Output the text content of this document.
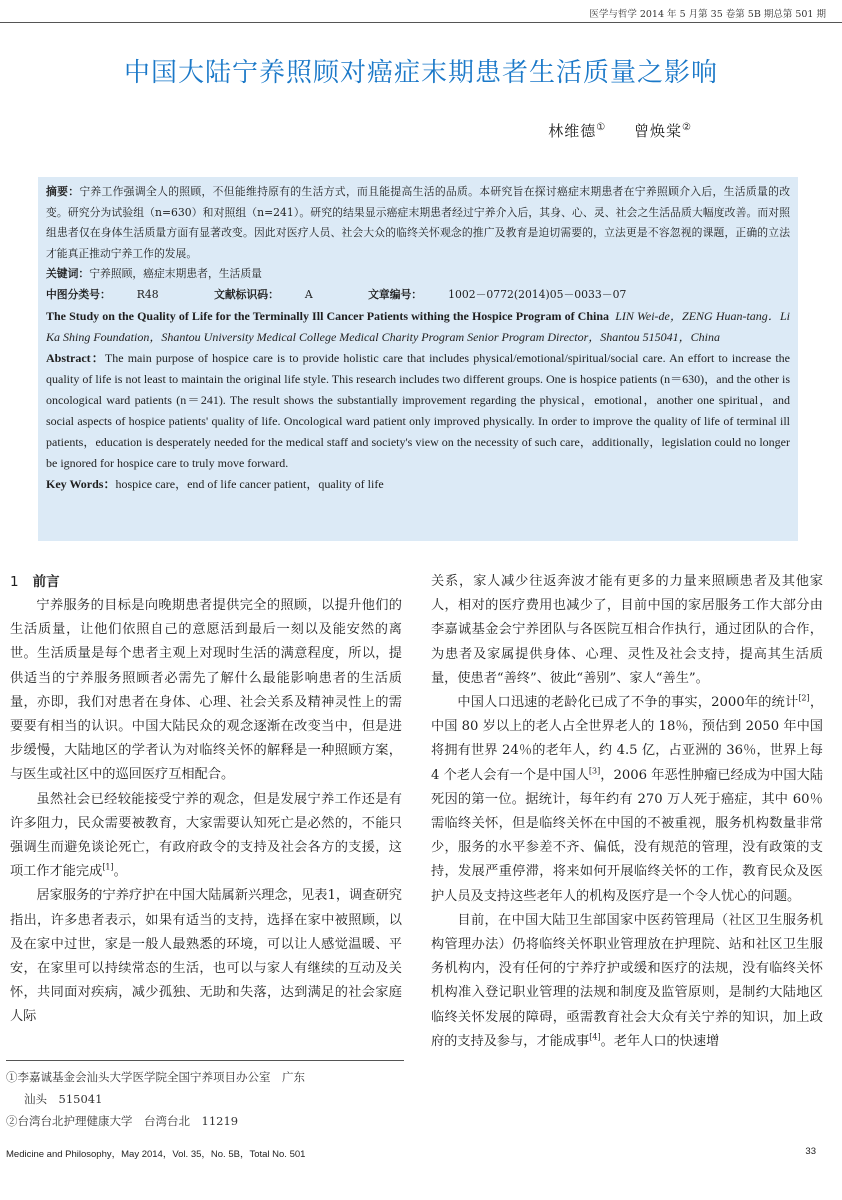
医学与哲学 2014 年 5 月第 35 卷第 5B 期总第 501 期
中国大陆宁养照顾对癌症末期患者生活质量之影响
林维德① 曾焕棠②

摘要：宁养工作强调全人的照顾，不但能维持原有的生活方式，而且能提高生活的品质。本研究旨在探讨癌症末期患者在宁养照顾介入后，生活质量的改变。研究分为试验组（n=630）和对照组（n=241）。研究的结果显示癌症末期患者经过宁养介入后，其身、心、灵、社会之生活品质大幅度改善。而对照组患者仅在身体生活质量方面有显著改变。因此对医疗人员、社会大众的临终关怀观念的推广及教育是迫切需要的，立法更是不容忽视的课题，正确的立法才能真正推动宁养工作的发展。

关键词：宁养照顾，癌症末期患者，生活质量

中图分类号： R48	文献标识码： A	文章编号： 1002－0772(2014)05－0033－07

The Study on the Quality of Life for the Terminally Ill Cancer Patients withing the Hospice Program of China LIN Wei-de，ZENG Huan-tang．Li Ka Shing Foundation，Shantou University Medical College Medical Charity Program Senior Program Director，Shantou 515041，China

Abstract：The main purpose of hospice care is to provide holistic care that includes physical/emotional/spiritual/social care. An effort to increase the quality of life is not least to maintain the original life style. This research includes two different groups. One is hospice patients (n＝630)，and the other is oncological ward patients (n＝241). The result shows the substantially improvement regarding the physical，emotional，another one spiritual，and social aspects of hospice patients' quality of life. Oncological ward patient only improved physically. In order to improve the quality of life of terminal ill patients，education is desperately needed for the medical staff and society's view on the necessity of such care，additionally，legislation could no longer be ignored for hospice care to truly move forward.

Key Words：hospice care，end of life cancer patient，quality of life

1 前言

宁养服务的目标是向晚期患者提供完全的照顾，以提升他们的生活质量，让他们依照自己的意愿活到最后一刻以及能安然的离世。生活质量是每个患者主观上对现时生活的满意程度，所以，提供适当的宁养服务照顾者必需先了解什么最能影响患者的生活质量，亦即，我们对患者在身体、心理、社会关系及精神灵性上的需要要有相当的认识。中国大陆民众的观念逐渐在改变当中，但是进步缓慢，大陆地区的学者认为对临终关怀的解释是一种照顾方案，与医生或社区中的巡回医疗互相配合。

虽然社会已经较能接受宁养的观念，但是发展宁养工作还是有许多阻力，民众需要被教育，大家需要认知死亡是必然的，不能只强调生而避免谈论死亡，有政府政令的支持及社会各方的支援，这项工作才能完成[1]。

居家服务的宁养疗护在中国大陆属新兴理念，见表1，调查研究指出，许多患者表示，如果有适当的支持，选择在家中被照顾，以及在家中过世，家是一般人最熟悉的环境，可以让人感觉温暖、平安，在家里可以持续常态的生活，也可以与家人有继续的互动及关怀，共同面对疾病，减少孤独、无助和失落，达到满足的社会家庭人际

关系，家人减少往返奔波才能有更多的力量来照顾患者及其他家人，相对的医疗费用也减少了，目前中国的家居服务工作大部分由李嘉诚基金会宁养团队与各医院互相合作执行，通过团队的合作，为患者及家属提供身体、心理、灵性及社会支持，提高其生活质量，使患者“善终”、彼此“善别”、家人“善生”。

中国人口迅速的老龄化已成了不争的事实，2000年的统计[2]，中国 80 岁以上的老人占全世界老人的 18％，预估到 2050 年中国将拥有世界 24％的老年人，约 4.5 亿，占亚洲的 36％，世界上每 4 个老人会有一个是中国人[3]，2006 年恶性肿瘤已经成为中国大陆死因的第一位。据统计，每年约有 270 万人死于癌症，其中 60％需临终关怀，但是临终关怀在中国的不被重视，服务机构数量非常少，服务的水平参差不齐、偏低，没有规范的管理，没有政策的支持，发展严重停滞，将来如何开展临终关怀的工作，教育民众及医护人员及支持这些老年人的机构及医疗是一个令人忧心的问题。

目前，在中国大陆卫生部国家中医药管理局（社区卫生服务机构管理办法）仍将临终关怀职业管理放在护理院、站和社区卫生服务机构内，没有任何的宁养疗护或缓和医疗的法规，没有临终关怀机构准入登记职业管理的法规和制度及监管原则，是制约大陆地区临终关怀发展的障碍，亟需教育社会大众有关宁养的知识，加上政府的支持及参与，才能成事[4]。老年人口的快速增

①李嘉诚基金会汕头大学医学院全国宁养项目办公室　广东
汕头　515041
②台湾台北护理健康大学　台湾台北　11219
Medicine and Philosophy，May 2014，Vol. 35，No. 5B，Total No. 501	33
